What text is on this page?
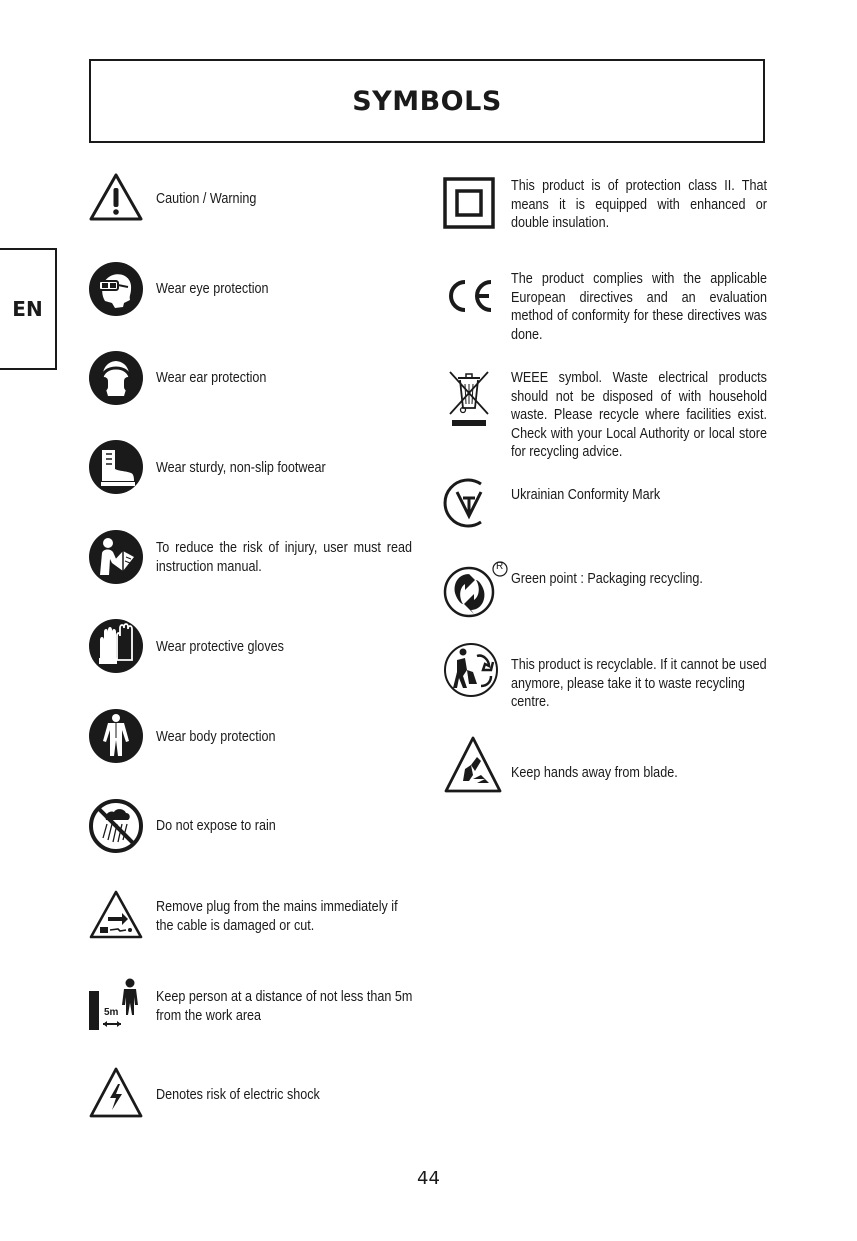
SYMBOLS
EN
Caution / Warning
Wear eye protection
Wear ear protection
Wear sturdy, non-slip footwear
To reduce the risk of injury, user must read instruction manual.
Wear protective gloves
Wear body protection
Do not expose to rain
Remove plug from the mains immediately if the cable is damaged or cut.
5m
Keep person at a distance of not less than 5m from the work area
Denotes risk of electric shock
This product is of protection class II. That means it is equipped with enhanced or double insulation.
The product complies with the applicable European directives and an evaluation method of conformity for these directives was done.
WEEE symbol. Waste electrical products should not be disposed of with household waste. Please recycle where facilities exist. Check with your Local Authority or local store for recycling advice.
Ukrainian Conformity Mark
R
Green point : Packaging recycling.
This product is recyclable. If it cannot be used anymore, please take it to waste recycling centre.
Keep hands away from blade.
44
